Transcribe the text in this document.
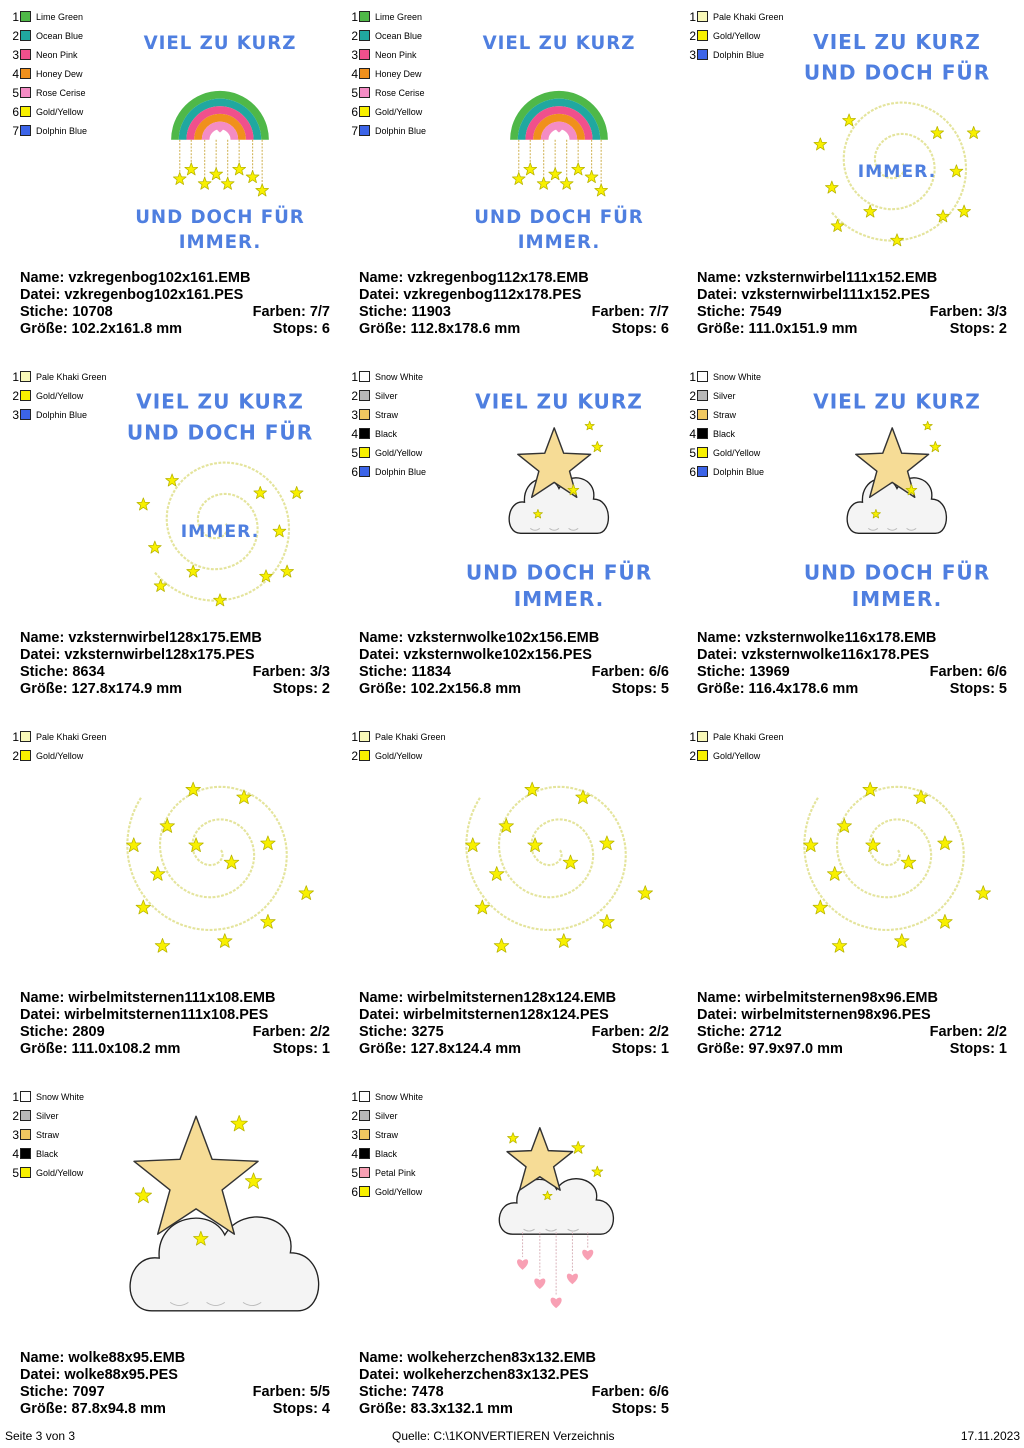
1 Lime Green
2 Ocean Blue
3 Neon Pink
4 Honey Dew
5 Rose Cerise
6 Gold/Yellow
7 Dolphin Blue
VIEL ZU KURZ
UND DOCH FÜR
IMMER.
Name: vzkregenbog102x161.EMB
Datei: vzkregenbog102x161.PES
Stiche: 10708	Farben: 7/7
Größe: 102.2x161.8 mm	Stops: 6
1 Lime Green
2 Ocean Blue
3 Neon Pink
4 Honey Dew
5 Rose Cerise
6 Gold/Yellow
7 Dolphin Blue
VIEL ZU KURZ
UND DOCH FÜR
IMMER.
Name: vzkregenbog112x178.EMB
Datei: vzkregenbog112x178.PES
Stiche: 11903	Farben: 7/7
Größe: 112.8x178.6 mm	Stops: 6
1 Pale Khaki Green
2 Gold/Yellow
3 Dolphin Blue
VIEL ZU KURZ
UND DOCH FÜR
IMMER.
Name: vzksternwirbel111x152.EMB
Datei: vzksternwirbel111x152.PES
Stiche: 7549	Farben: 3/3
Größe: 111.0x151.9 mm	Stops: 2
1 Pale Khaki Green
2 Gold/Yellow
3 Dolphin Blue
VIEL ZU KURZ
UND DOCH FÜR
IMMER.
Name: vzksternwirbel128x175.EMB
Datei: vzksternwirbel128x175.PES
Stiche: 8634	Farben: 3/3
Größe: 127.8x174.9 mm	Stops: 2
1 Snow White
2 Silver
3 Straw
4 Black
5 Gold/Yellow
6 Dolphin Blue
VIEL ZU KURZ
UND DOCH FÜR
IMMER.
Name: vzksternwolke102x156.EMB
Datei: vzksternwolke102x156.PES
Stiche: 11834	Farben: 6/6
Größe: 102.2x156.8 mm	Stops: 5
1 Snow White
2 Silver
3 Straw
4 Black
5 Gold/Yellow
6 Dolphin Blue
VIEL ZU KURZ
UND DOCH FÜR
IMMER.
Name: vzksternwolke116x178.EMB
Datei: vzksternwolke116x178.PES
Stiche: 13969	Farben: 6/6
Größe: 116.4x178.6 mm	Stops: 5
1 Pale Khaki Green
2 Gold/Yellow
Name: wirbelmitsternen111x108.EMB
Datei: wirbelmitsternen111x108.PES
Stiche: 2809	Farben: 2/2
Größe: 111.0x108.2 mm	Stops: 1
1 Pale Khaki Green
2 Gold/Yellow
Name: wirbelmitsternen128x124.EMB
Datei: wirbelmitsternen128x124.PES
Stiche: 3275	Farben: 2/2
Größe: 127.8x124.4 mm	Stops: 1
1 Pale Khaki Green
2 Gold/Yellow
Name: wirbelmitsternen98x96.EMB
Datei: wirbelmitsternen98x96.PES
Stiche: 2712	Farben: 2/2
Größe: 97.9x97.0 mm	Stops: 1
1 Snow White
2 Silver
3 Straw
4 Black
5 Gold/Yellow
Name: wolke88x95.EMB
Datei: wolke88x95.PES
Stiche: 7097	Farben: 5/5
Größe: 87.8x94.8 mm	Stops: 4
1 Snow White
2 Silver
3 Straw
4 Black
5 Petal Pink
6 Gold/Yellow
Name: wolkeherzchen83x132.EMB
Datei: wolkeherzchen83x132.PES
Stiche: 7478	Farben: 6/6
Größe: 83.3x132.1 mm	Stops: 5
Seite 3 von 3	Quelle: C:\1KONVERTIEREN Verzeichnis	17.11.2023
